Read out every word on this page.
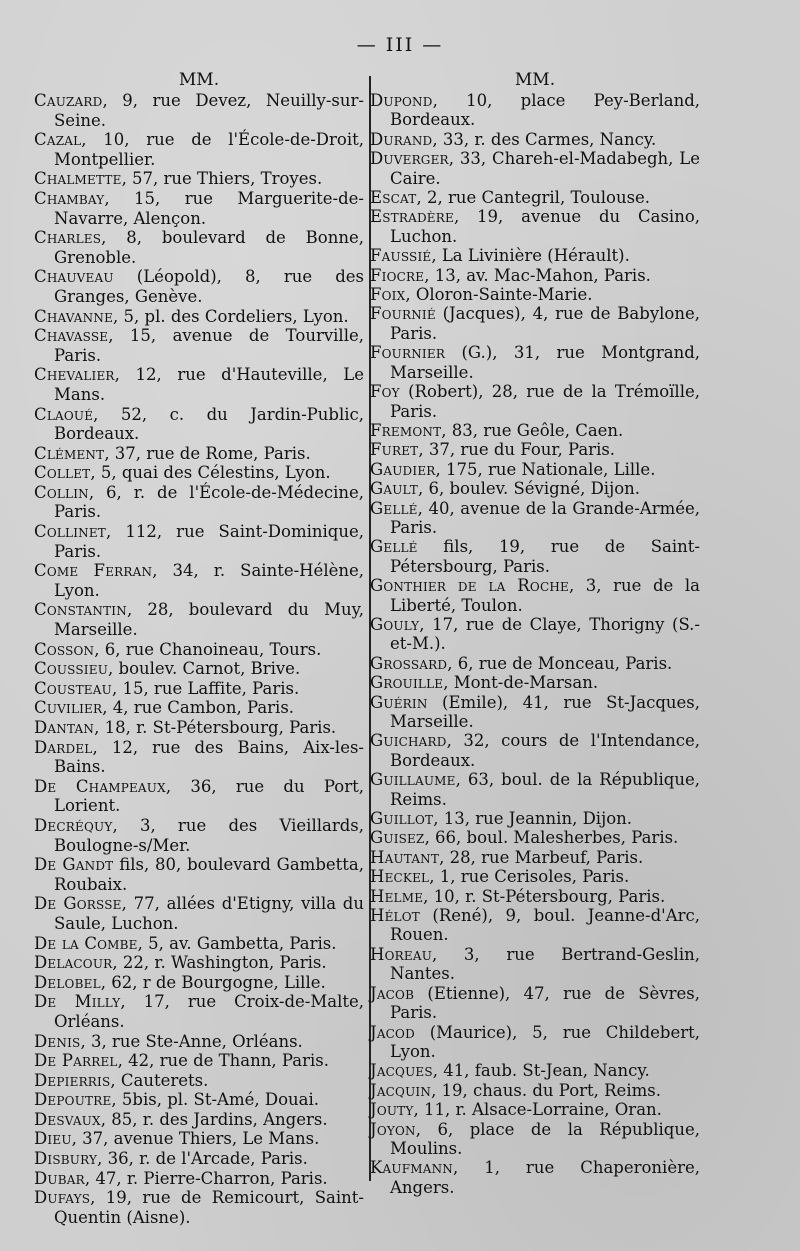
— III —
MM.

Cauzard, 9, rue Devez, Neuilly-sur-Seine.

Cazal, 10, rue de l'École-de-Droit, Montpellier.

Chalmette, 57, rue Thiers, Troyes.

Chambay, 15, rue Marguerite-de-Navarre, Alençon.

Charles, 8, boulevard de Bonne, Grenoble.

Chauveau (Léopold), 8, rue des Granges, Genève.

Chavanne, 5, pl. des Cordeliers, Lyon.

Chavasse, 15, avenue de Tourville, Paris.

Chevalier, 12, rue d'Hauteville, Le Mans.

Claoué, 52, c. du Jardin-Public, Bordeaux.

Clément, 37, rue de Rome, Paris.

Collet, 5, quai des Célestins, Lyon.

Collin, 6, r. de l'École-de-Médecine, Paris.

Collinet, 112, rue Saint-Dominique, Paris.

Come Ferran, 34, r. Sainte-Hélène, Lyon.

Constantin, 28, boulevard du Muy, Marseille.

Cosson, 6, rue Chanoineau, Tours.

Coussieu, boulev. Carnot, Brive.

Cousteau, 15, rue Laffite, Paris.

Cuvilier, 4, rue Cambon, Paris.

Dantan, 18, r. St-Pétersbourg, Paris.

Dardel, 12, rue des Bains, Aix-les-Bains.

De Champeaux, 36, rue du Port, Lorient.

Decréquy, 3, rue des Vieillards, Boulogne-s/Mer.

De Gandt fils, 80, boulevard Gambetta, Roubaix.

De Gorsse, 77, allées d'Etigny, villa du Saule, Luchon.

De la Combe, 5, av. Gambetta, Paris.

Delacour, 22, r. Washington, Paris.

Delobel, 62, r de Bourgogne, Lille.

De Milly, 17, rue Croix-de-Malte, Orléans.

Denis, 3, rue Ste-Anne, Orléans.

De Parrel, 42, rue de Thann, Paris.

Depierris, Cauterets.

Depoutre, 5bis, pl. St-Amé, Douai.

Desvaux, 85, r. des Jardins, Angers.

Dieu, 37, avenue Thiers, Le Mans.

Disbury, 36, r. de l'Arcade, Paris.

Dubar, 47, r. Pierre-Charron, Paris.

Dufays, 19, rue de Remicourt, Saint-Quentin (Aisne).

MM.

Dupond, 10, place Pey-Berland, Bordeaux.

Durand, 33, r. des Carmes, Nancy.

Duverger, 33, Chareh-el-Madabegh, Le Caire.

Escat, 2, rue Cantegril, Toulouse.

Estradère, 19, avenue du Casino, Luchon.

Faussié, La Livinière (Hérault).

Fiocre, 13, av. Mac-Mahon, Paris.

Foix, Oloron-Sainte-Marie.

Fournié (Jacques), 4, rue de Babylone, Paris.

Fournier (G.), 31, rue Montgrand, Marseille.

Foy (Robert), 28, rue de la Trémoïlle, Paris.

Fremont, 83, rue Geôle, Caen.

Furet, 37, rue du Four, Paris.

Gaudier, 175, rue Nationale, Lille.

Gault, 6, boulev. Sévigné, Dijon.

Gellé, 40, avenue de la Grande-Armée, Paris.

Gellé fils, 19, rue de Saint-Pétersbourg, Paris.

Gonthier de la Roche, 3, rue de la Liberté, Toulon.

Gouly, 17, rue de Claye, Thorigny (S.-et-M.).

Grossard, 6, rue de Monceau, Paris.

Grouille, Mont-de-Marsan.

Guérin (Emile), 41, rue St-Jacques, Marseille.

Guichard, 32, cours de l'Intendance, Bordeaux.

Guillaume, 63, boul. de la République, Reims.

Guillot, 13, rue Jeannin, Dijon.

Guisez, 66, boul. Malesherbes, Paris.

Hautant, 28, rue Marbeuf, Paris.

Heckel, 1, rue Cerisoles, Paris.

Helme, 10, r. St-Pétersbourg, Paris.

Hélot (René), 9, boul. Jeanne-d'Arc, Rouen.

Horeau, 3, rue Bertrand-Geslin, Nantes.

Jacob (Etienne), 47, rue de Sèvres, Paris.

Jacod (Maurice), 5, rue Childebert, Lyon.

Jacques, 41, faub. St-Jean, Nancy.

Jacquin, 19, chaus. du Port, Reims.

Jouty, 11, r. Alsace-Lorraine, Oran.

Joyon, 6, place de la République, Moulins.

Kaufmann, 1, rue Chaperonière, Angers.
